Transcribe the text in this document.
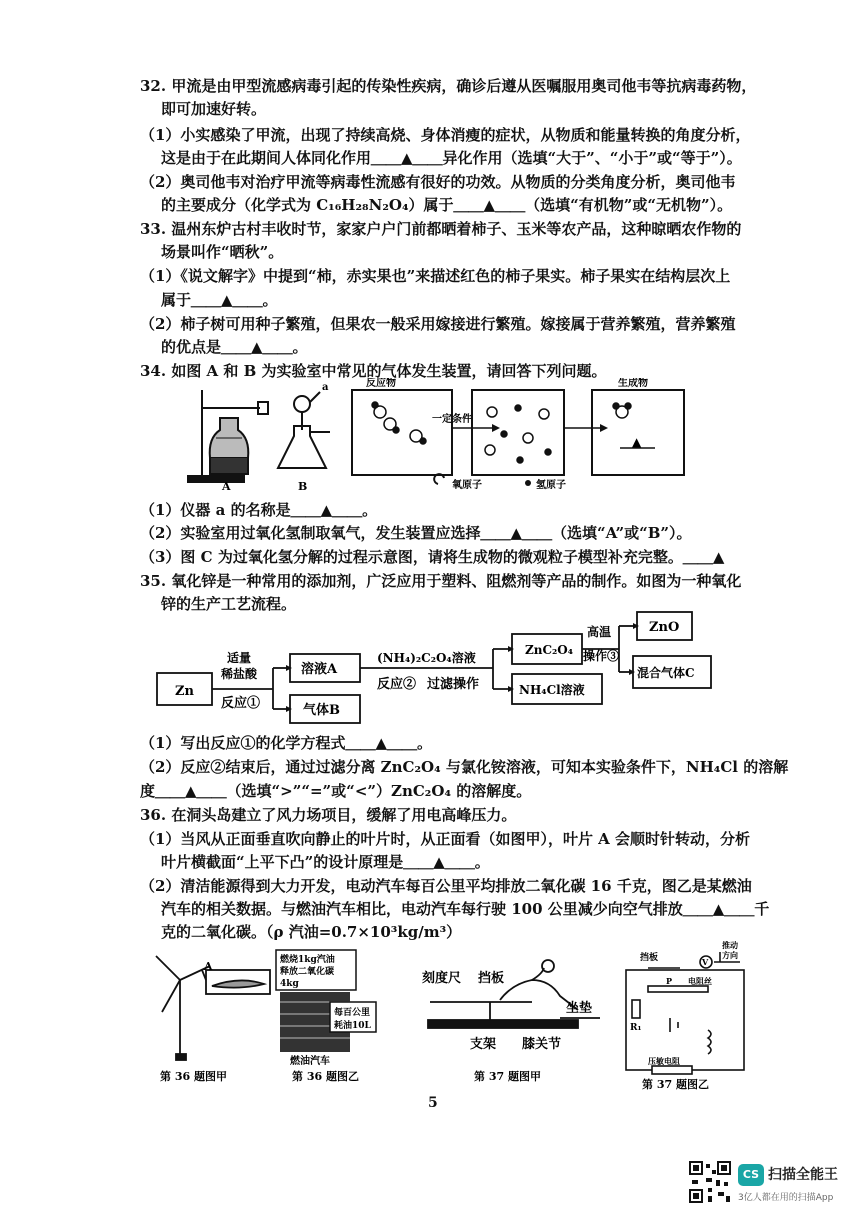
32. 甲流是由甲型流感病毒引起的传染性疾病，确诊后遵从医嘱服用奥司他韦等抗病毒药物，
即可加速好转。
（1）小实感染了甲流，出现了持续高烧、身体消瘦的症状，从物质和能量转换的角度分析，
这是由于在此期间人体同化作用＿＿▲＿＿异化作用（选填“大于”、“小于”或“等于”）。
（2）奥司他韦对治疗甲流等病毒性流感有很好的功效。从物质的分类角度分析，奥司他韦
的主要成分（化学式为 C₁₆H₂₈N₂O₄）属于＿＿▲＿＿（选填“有机物”或“无机物”）。
33. 温州东炉古村丰收时节，家家户户门前都晒着柿子、玉米等农产品，这种晾晒农作物的
场景叫作“晒秋”。
（1）《说文解字》中提到“柿，赤实果也”来描述红色的柿子果实。柿子果实在结构层次上
属于＿＿▲＿＿。
（2）柿子树可用种子繁殖，但果农一般采用嫁接进行繁殖。嫁接属于营养繁殖，营养繁殖
的优点是＿＿▲＿＿。
34. 如图 A 和 B 为实验室中常见的气体发生装置，请回答下列问题。
A
a
B
反应物
一定条件
生成物
▲
氧原子	氢原子
（1）仪器 a 的名称是＿＿▲＿＿。
（2）实验室用过氧化氢制取氧气，发生装置应选择＿＿▲＿＿（选填“A”或“B”）。
（3）图 C 为过氧化氢分解的过程示意图，请将生成物的微观粒子模型补充完整。＿＿▲
35. 氧化锌是一种常用的添加剂，广泛应用于塑料、阻燃剂等产品的制作。如图为一种氧化
锌的生产工艺流程。
Zn
适量
稀盐酸
反应①
溶液A
气体B
(NH₄)₂C₂O₄溶液
反应② 过滤操作
ZnC₂O₄
NH₄Cl溶液
高温
操作③
ZnO
混合气体C
（1）写出反应①的化学方程式＿＿▲＿＿。
（2）反应②结束后，通过过滤分离 ZnC₂O₄ 与氯化铵溶液，可知本实验条件下，NH₄Cl 的溶解
度＿＿▲＿＿（选填“>”“=”或“<”）ZnC₂O₄ 的溶解度。
36. 在洞头岛建立了风力场项目，缓解了用电高峰压力。
（1）当风从正面垂直吹向静止的叶片时，从正面看（如图甲），叶片 A 会顺时针转动，分析
叶片横截面“上平下凸”的设计原理是＿＿▲＿＿。
（2）清洁能源得到大力开发，电动汽车每百公里平均排放二氧化碳 16 千克，图乙是某燃油
汽车的相关数据。与燃油汽车相比，电动汽车每行驶 100 公里减少向空气排放＿＿▲＿＿千
克的二氧化碳。（ρ 汽油=0.7×10³kg/m³）
A
第 36 题图甲
燃烧1kg汽油
释放二氧化碳
4kg
每百公里
耗油10L
燃油汽车
第 36 题图乙
刻度尺 挡板
坐垫
支架 膝关节
第 37 题图甲
挡板
推动
方向
V
P 电阻丝
R₁
压敏电阻
第 37 题图乙
5
CS 扫描全能王
3亿人都在用的扫描App
